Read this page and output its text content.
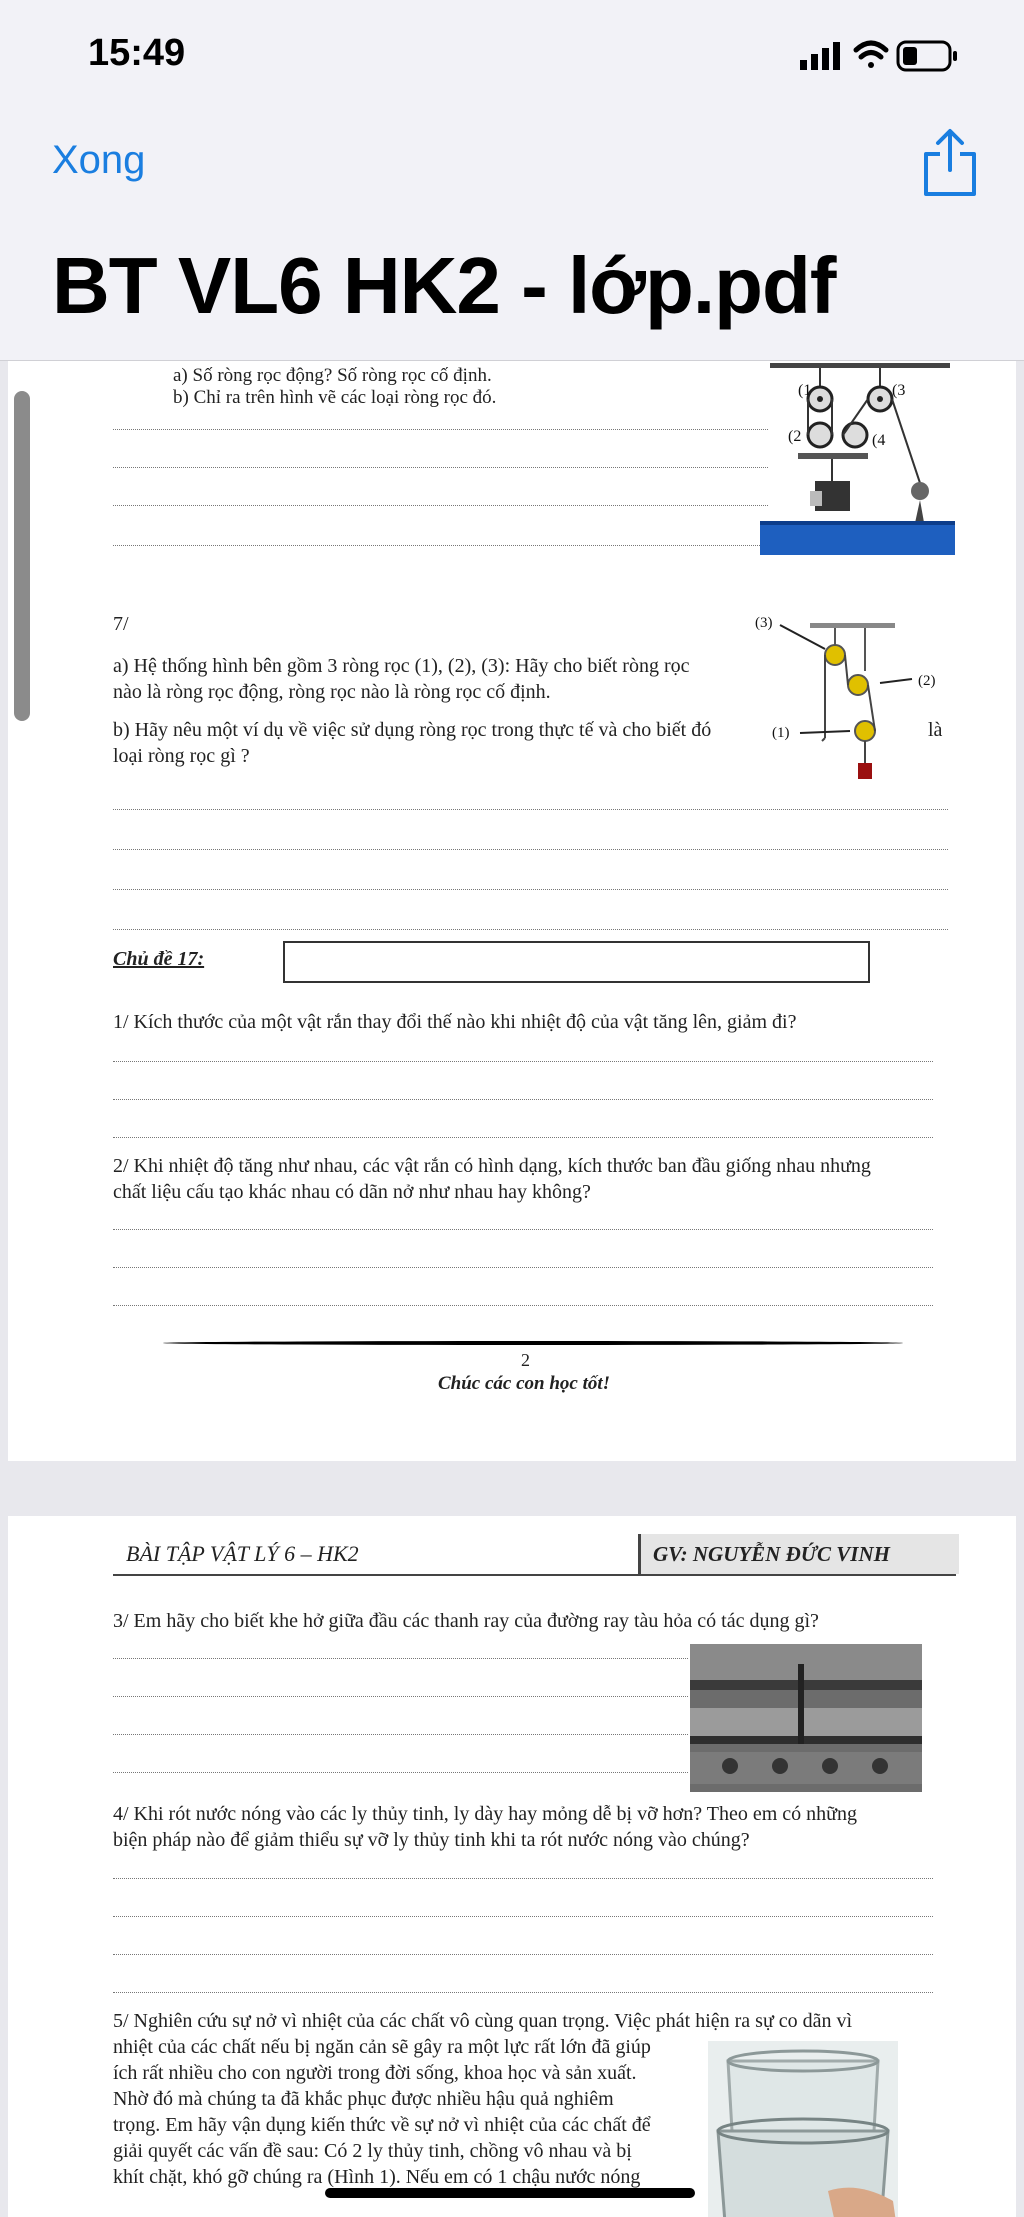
15:49
Xong
BT VL6 HK2 - lớp.pdf
a) Số ròng rọc động? Số ròng rọc cố định.
b) Chỉ ra trên hình vẽ các loại ròng rọc đó.	(1	(3
(2	(4
7/
a) Hệ thống hình bên gồm 3 ròng rọc (1), (2), (3): Hãy cho biết ròng rọc
nào là ròng rọc động, ròng rọc nào là ròng rọc cố định.
b) Hãy nêu một ví dụ về việc sử dụng ròng rọc trong thực tế và cho biết đó	là
loại ròng rọc gì ?
(3)
(2)
(1)
Chủ đề 17:
1/ Kích thước của một vật rắn thay đổi thế nào khi nhiệt độ của vật tăng lên, giảm đi?
2/ Khi nhiệt độ tăng như nhau, các vật rắn có hình dạng, kích thước ban đầu giống nhau nhưng
chất liệu cấu tạo khác nhau có dãn nở như nhau hay không?
2
Chúc các con học tốt!
BÀI TẬP VẬT LÝ 6 – HK2	GV: NGUYỄN ĐỨC VINH
3/ Em hãy cho biết khe hở giữa đầu các thanh ray của đường ray tàu hỏa có tác dụng gì?
4/ Khi rót nước nóng vào các ly thủy tinh, ly dày hay mỏng dễ bị vỡ hơn? Theo em có những
biện pháp nào để giảm thiểu sự vỡ ly thủy tinh khi ta rót nước nóng vào chúng?
5/ Nghiên cứu sự nở vì nhiệt của các chất vô cùng quan trọng. Việc phát hiện ra sự co dãn vì
nhiệt của các chất nếu bị ngăn cản sẽ gây ra một lực rất lớn đã giúp
ích rất nhiều cho con người trong đời sống, khoa học và sản xuất.
Nhờ đó mà chúng ta đã khắc phục được nhiều hậu quả nghiêm
trọng. Em hãy vận dụng kiến thức về sự nở vì nhiệt của các chất để
giải quyết các vấn đề sau: Có 2 ly thủy tinh, chồng vô nhau và bị
khít chặt, khó gỡ chúng ra (Hình 1). Nếu em có 1 chậu nước nóng
